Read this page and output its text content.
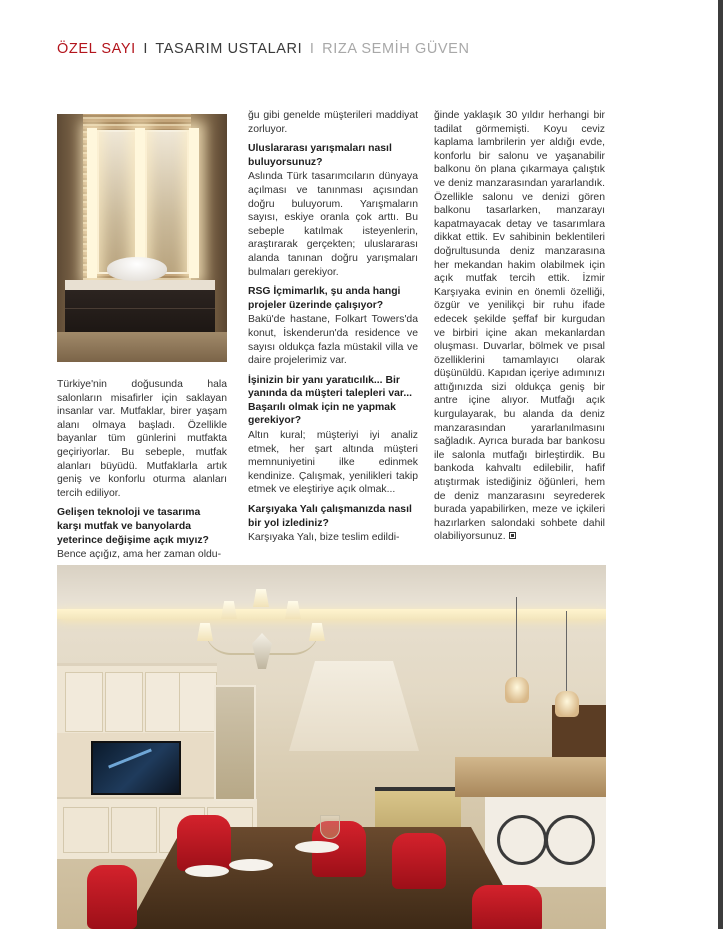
ÖZEL SAYI I TASARIM USTALARI I RIZA SEMİH GÜVEN

Türkiye'nin doğusunda hala salonların misafirler için saklayan insanlar var. Mutfaklar, birer yaşam alanı olmaya başladı. Özellikle bayanlar tüm günlerini mutfakta geçiriyorlar. Bu sebeple, mutfak alanları büyüdü. Mutfaklarla artık geniş ve konforlu oturma alanları tercih ediliyor.

Gelişen teknoloji ve tasarıma karşı mutfak ve banyolarda yeterince değişime açık mıyız?

Bence açığız, ama her zaman oldu-

ğu gibi genelde müşterileri maddiyat zorluyor.

Uluslararası yarışmaları nasıl buluyorsunuz?

Aslında Türk tasarımcıların dünyaya açılması ve tanınması açısından doğru buluyorum. Yarışmaların sayısı, eskiye oranla çok arttı. Bu sebeple katılmak isteyenlerin, araştırarak gerçekten; uluslararası alanda tanınan doğru yarışmaları bulmaları gerekiyor.

RSG İçmimarlık, şu anda hangi projeler üzerinde çalışıyor?

Bakü'de hastane, Folkart Towers'da konut, İskenderun'da residence ve sayısı oldukça fazla müstakil villa ve daire projelerimiz var.

İşinizin bir yanı yaratıcılık... Bir yanında da müşteri talepleri var... Başarılı olmak için ne yapmak gerekiyor?

Altın kural; müşteriyi iyi analiz etmek, her şart altında müşteri memnuniyetini ilke edinmek kendinize. Çalışmak, yenilikleri takip etmek ve eleştiriye açık olmak...

Karşıyaka Yalı çalışmanızda nasıl bir yol izlediniz?

Karşıyaka Yalı, bize teslim edildi-

ğinde yaklaşık 30 yıldır herhangi bir tadilat görmemişti. Koyu ceviz kaplama lambrilerin yer aldığı evde, konforlu bir salonu ve yaşanabilir balkonu ön plana çıkarmaya çalıştık ve deniz manzarasından yararlandık. Özellikle salonu ve denizi gören balkonu tasarlarken, manzarayı kapatmayacak detay ve tasarımlara dikkat ettik. Ev sahibinin beklentileri doğrultusunda deniz manzarasına her mekandan hakim olabilmek için açık mutfak tercih ettik. İzmir Karşıyaka evinin en önemli özelliği, özgür ve yenilikçi bir ruhu ifade edecek şekilde şeffaf bir kurgudan ve birbiri içine akan mekanlardan oluşması. Duvarlar, bölmek ve pısal özelliklerini tamamlayıcı olarak düşünüldü. Kapıdan içeriye adımınızı attığınızda sizi oldukça geniş bir antre içine alıyor. Mutfağı açık kurgulayarak, bu alanda da deniz manzarasından yararlanılmasını sağladık. Ayrıca burada bar bankosu ile salonla mutfağı birleştirdik. Bu bankoda kahvaltı edilebilir, hafif atıştırmak istediğiniz öğünleri, hem de deniz manzarasını seyrederek burada yapabilirken, meze ve içkileri hazırlarken salondaki sohbete dahil olabiliyorsunuz.
